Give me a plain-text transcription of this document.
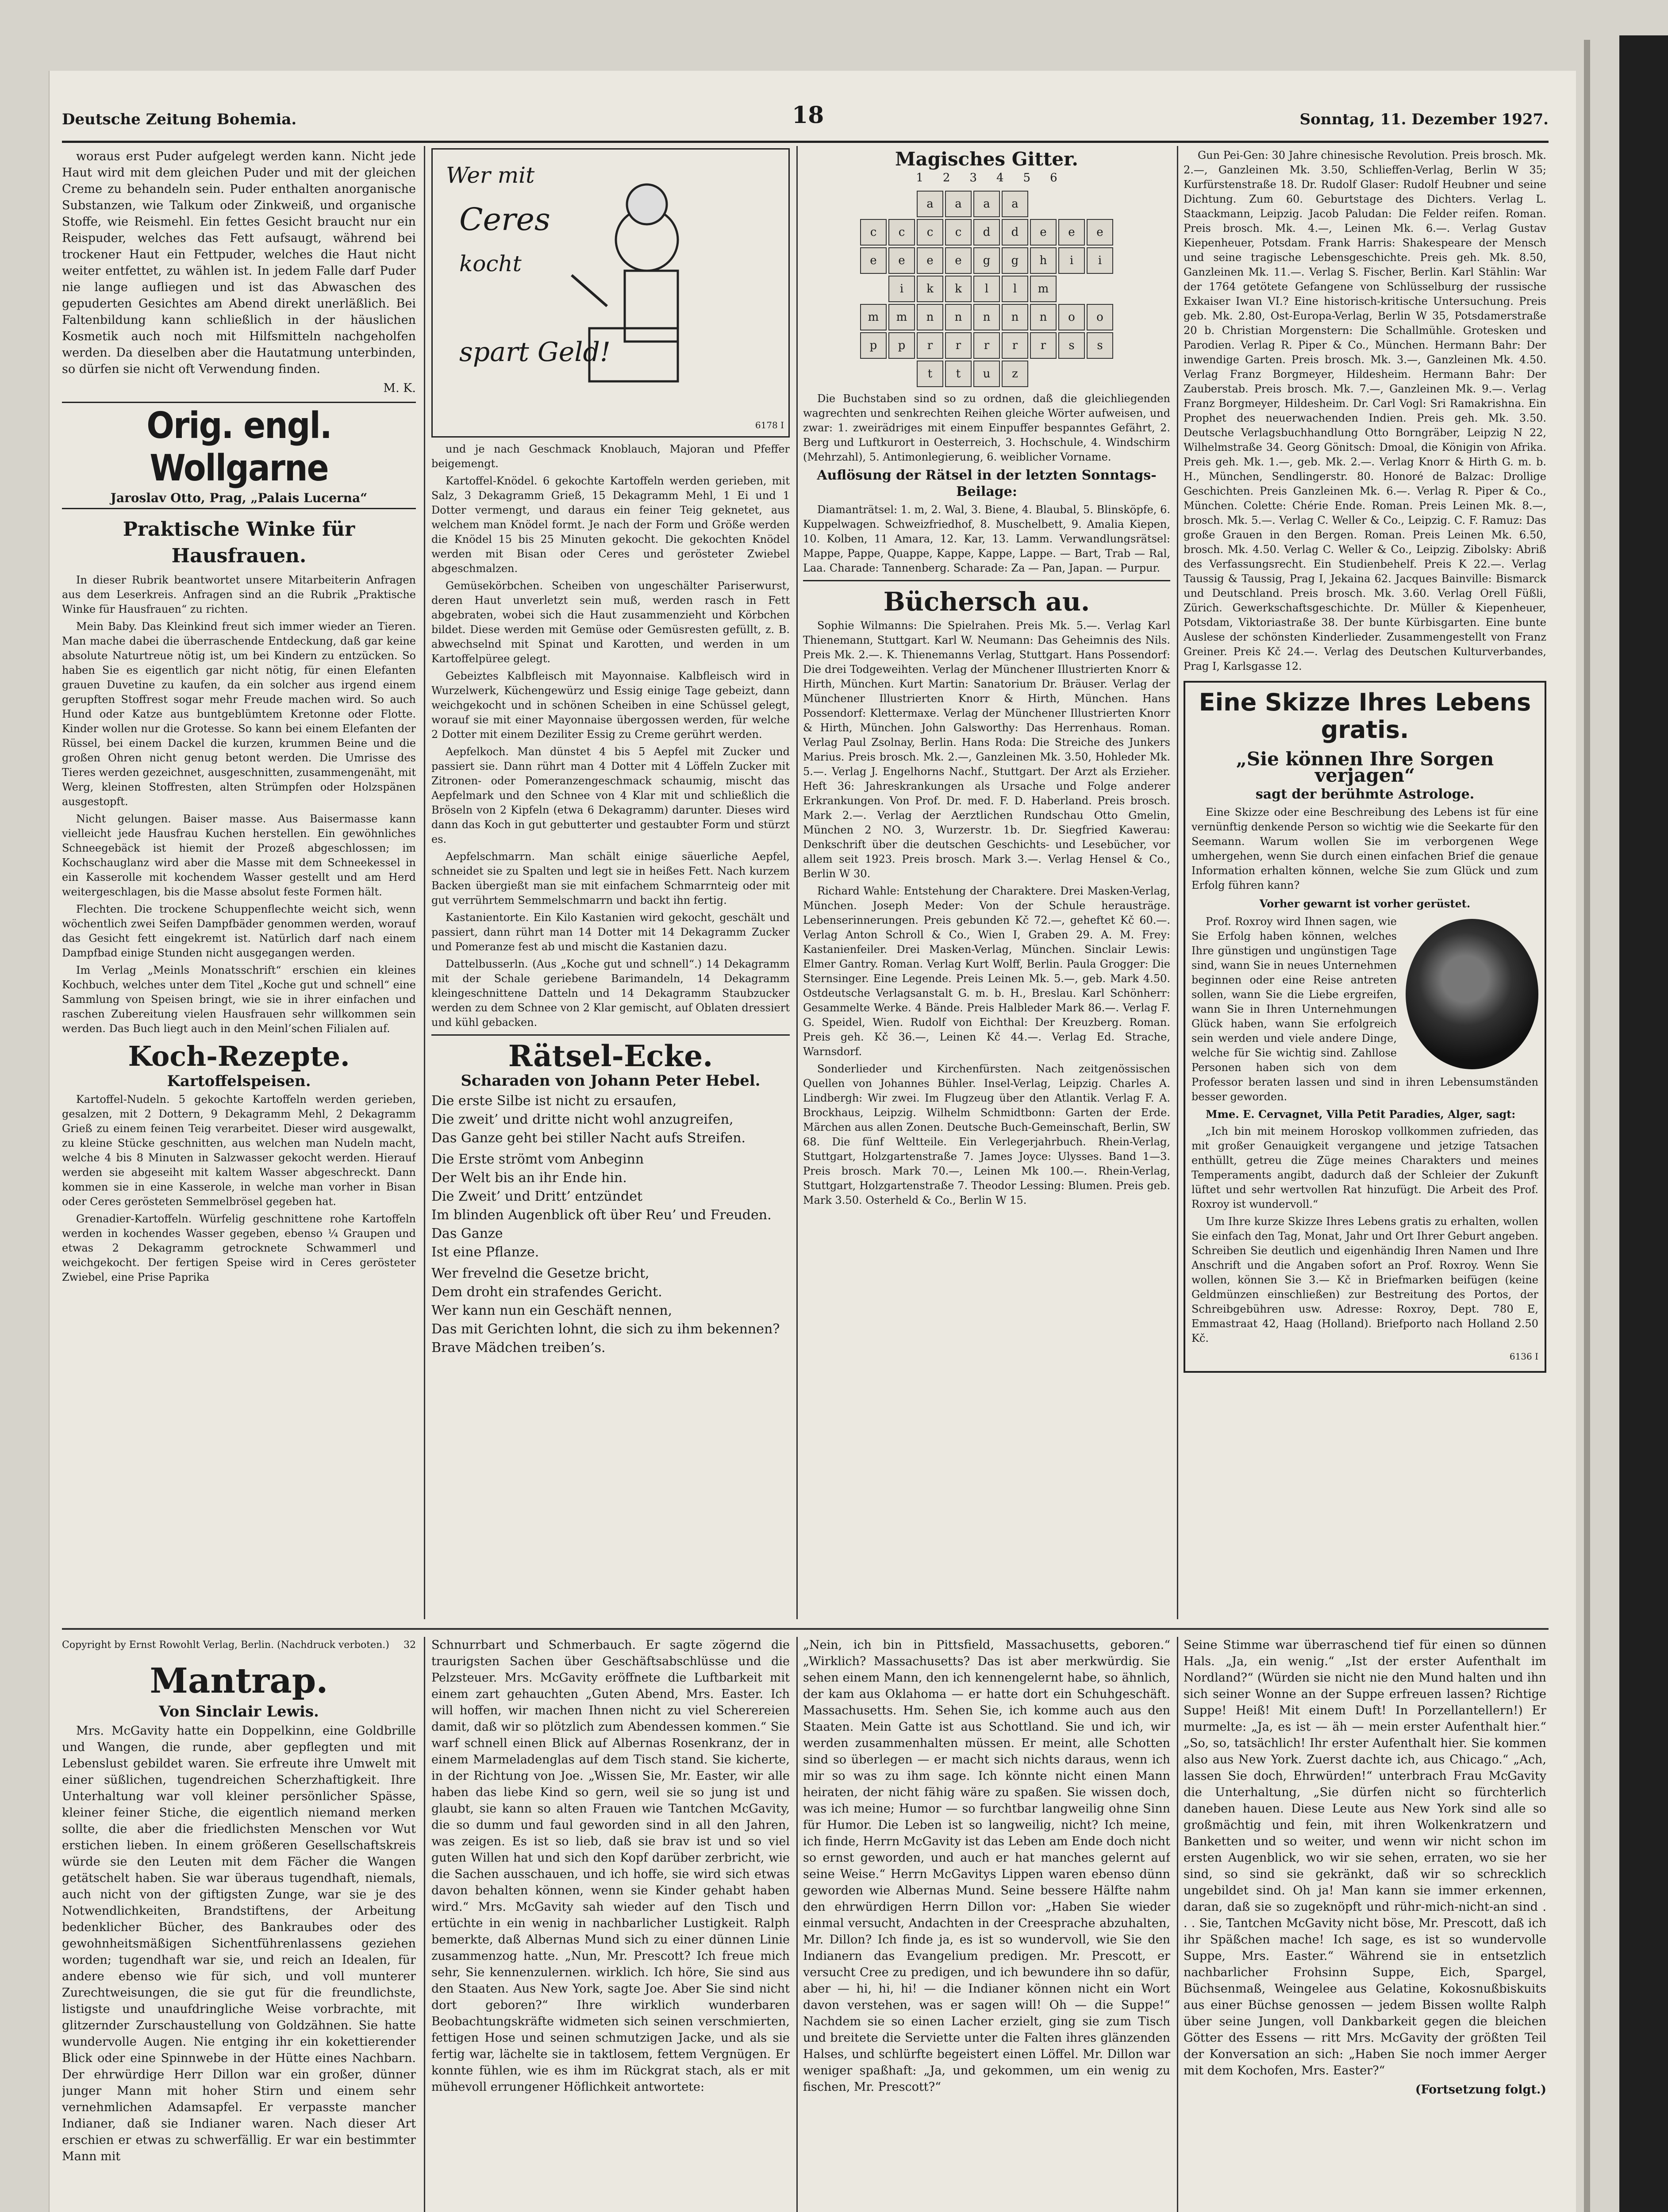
Deutsche Zeitung Bohemia.	18	Sonntag, 11. Dezember 1927.

woraus erst Puder aufgelegt werden kann. Nicht jede Haut wird mit dem gleichen Puder und mit der gleichen Creme zu behandeln sein. Puder enthalten anorganische Substanzen, wie Talkum oder Zinkweiß, und organische Stoffe, wie Reismehl. Ein fettes Gesicht braucht nur ein Reispuder, welches das Fett aufsaugt, während bei trockener Haut ein Fettpuder, welches die Haut nicht weiter entfettet, zu wählen ist. In jedem Falle darf Puder nie lange aufliegen und ist das Abwaschen des gepuderten Gesichtes am Abend direkt unerläßlich. Bei Faltenbildung kann schließlich in der häuslichen Kosmetik auch noch mit Hilfsmitteln nachgeholfen werden. Da dieselben aber die Hautatmung unterbinden, so dürfen sie nicht oft Verwendung finden.

M. K.
Orig. engl. Wollgarne
Jaroslav Otto, Prag, „Palais Lucerna“
Praktische Winke für Hausfrauen.

In dieser Rubrik beantwortet unsere Mitarbeiterin Anfragen aus dem Leserkreis. Anfragen sind an die Rubrik „Praktische Winke für Hausfrauen“ zu richten.

Mein Baby. Das Kleinkind freut sich immer wieder an Tieren. Man mache dabei die überraschende Entdeckung, daß gar keine absolute Naturtreue nötig ist, um bei Kindern zu entzücken. So haben Sie es eigentlich gar nicht nötig, für einen Elefanten grauen Duvetine zu kaufen, da ein solcher aus irgend einem gerupften Stoffrest sogar mehr Freude machen wird. So auch Hund oder Katze aus buntgeblümtem Kretonne oder Flotte. Kinder wollen nur die Grotesse. So kann bei einem Elefanten der Rüssel, bei einem Dackel die kurzen, krummen Beine und die großen Ohren nicht genug betont werden. Die Umrisse des Tieres werden gezeichnet, ausgeschnitten, zusammengenäht, mit Werg, kleinen Stoffresten, alten Strümpfen oder Holzspänen ausgestopft.

Nicht gelungen. Baiser masse. Aus Baisermasse kann vielleicht jede Hausfrau Kuchen herstellen. Ein gewöhnliches Schneegebäck ist hiemit der Prozeß abgeschlossen; im Kochschauglanz wird aber die Masse mit dem Schneekessel in ein Kasserolle mit kochendem Wasser gestellt und am Herd weitergeschlagen, bis die Masse absolut feste Formen hält.

Flechten. Die trockene Schuppenflechte weicht sich, wenn wöchentlich zwei Seifen Dampfbäder genommen werden, worauf das Gesicht fett eingekremt ist. Natürlich darf nach einem Dampfbad einige Stunden nicht ausgegangen werden.

Im Verlag „Meinls Monatsschrift“ erschien ein kleines Kochbuch, welches unter dem Titel „Koche gut und schnell“ eine Sammlung von Speisen bringt, wie sie in ihrer einfachen und raschen Zubereitung vielen Hausfrauen sehr willkommen sein werden. Das Buch liegt auch in den Meinl’schen Filialen auf.

Koch-Rezepte.
Kartoffelspeisen.

Kartoffel-Nudeln. 5 gekochte Kartoffeln werden gerieben, gesalzen, mit 2 Dottern, 9 Dekagramm Mehl, 2 Dekagramm Grieß zu einem feinen Teig verarbeitet. Dieser wird ausgewalkt, zu kleine Stücke geschnitten, aus welchen man Nudeln macht, welche 4 bis 8 Minuten in Salzwasser gekocht werden. Hierauf werden sie abgeseiht mit kaltem Wasser abgeschreckt. Dann kommen sie in eine Kasserole, in welche man vorher in Bisan oder Ceres gerösteten Semmelbrösel gegeben hat.

Grenadier-Kartoffeln. Würfelig geschnittene rohe Kartoffeln werden in kochendes Wasser gegeben, ebenso ¼ Graupen und etwas 2 Dekagramm getrocknete Schwammerl und weichgekocht. Der fertigen Speise wird in Ceres gerösteter Zwiebel, eine Prise Paprika

Wer mit
Ceres
kocht
spart Geld!
6178 I

und je nach Geschmack Knoblauch, Majoran und Pfeffer beigemengt.

Kartoffel-Knödel. 6 gekochte Kartoffeln werden gerieben, mit Salz, 3 Dekagramm Grieß, 15 Dekagramm Mehl, 1 Ei und 1 Dotter vermengt, und daraus ein feiner Teig geknetet, aus welchem man Knödel formt. Je nach der Form und Größe werden die Knödel 15 bis 25 Minuten gekocht. Die gekochten Knödel werden mit Bisan oder Ceres und gerösteter Zwiebel abgeschmalzen.

Gemüsekörbchen. Scheiben von ungeschälter Pariserwurst, deren Haut unverletzt sein muß, werden rasch in Fett abgebraten, wobei sich die Haut zusammenzieht und Körbchen bildet. Diese werden mit Gemüse oder Gemüsresten gefüllt, z. B. abwechselnd mit Spinat und Karotten, und werden in um Kartoffelpüree gelegt.

Gebeiztes Kalbfleisch mit Mayonnaise. Kalbfleisch wird in Wurzelwerk, Küchengewürz und Essig einige Tage gebeizt, dann weichgekocht und in schönen Scheiben in eine Schüssel gelegt, worauf sie mit einer Mayonnaise übergossen werden, für welche 2 Dotter mit einem Deziliter Essig zu Creme gerührt werden.

Aepfelkoch. Man dünstet 4 bis 5 Aepfel mit Zucker und passiert sie. Dann rührt man 4 Dotter mit 4 Löffeln Zucker mit Zitronen- oder Pomeranzengeschmack schaumig, mischt das Aepfelmark und den Schnee von 4 Klar mit und schließlich die Bröseln von 2 Kipfeln (etwa 6 Dekagramm) darunter. Dieses wird dann das Koch in gut gebutterter und gestaubter Form und stürzt es.

Aepfelschmarrn. Man schält einige säuerliche Aepfel, schneidet sie zu Spalten und legt sie in heißes Fett. Nach kurzem Backen übergießt man sie mit einfachem Schmarrnteig oder mit gut verrührtem Semmelschmarrn und backt ihn fertig.

Kastanientorte. Ein Kilo Kastanien wird gekocht, geschält und passiert, dann rührt man 14 Dotter mit 14 Dekagramm Zucker und Pomeranze fest ab und mischt die Kastanien dazu.

Dattelbusserln. (Aus „Koche gut und schnell“.) 14 Dekagramm mit der Schale geriebene Barimandeln, 14 Dekagramm kleingeschnittene Datteln und 14 Dekagramm Staubzucker werden zu dem Schnee von 2 Klar gemischt, auf Oblaten dressiert und kühl gebacken.

Rätsel-Ecke.
Scharaden von Johann Peter Hebel.

Die erste Silbe ist nicht zu ersaufen,
Die zweit’ und dritte nicht wohl anzugreifen,
Das Ganze geht bei stiller Nacht aufs Streifen.

Die Erste strömt vom Anbeginn
Der Welt bis an ihr Ende hin.
Die Zweit’ und Dritt’ entzündet
Im blinden Augenblick oft über Reu’ und Freuden.
Das Ganze
Ist eine Pflanze.

Wer frevelnd die Gesetze bricht,
Dem droht ein strafendes Gericht.
Wer kann nun ein Geschäft nennen,
Das mit Gerichten lohnt, die sich zu ihm bekennen?
Brave Mädchen treiben’s.

Magisches Gitter.
1 2 3 4 5 6
a	a	a	a
c	c	c	c	d	d	e	e	e
e	e	e	e	g	g	h	i	i
i	k	k	l	l	m
m	m	n	n	n	n	n	o	o
p	p	r	r	r	r	r	s	s
t	t	u	z

Die Buchstaben sind so zu ordnen, daß die gleichliegenden wagrechten und senkrechten Reihen gleiche Wörter aufweisen, und zwar: 1. zweirädriges mit einem Einpuffer bespanntes Gefährt, 2. Berg und Luftkurort in Oesterreich, 3. Hochschule, 4. Windschirm (Mehrzahl), 5. Antimonlegierung, 6. weiblicher Vorname.

Auflösung der Rätsel in der letzten Sonntags-Beilage:

Diamanträtsel: 1. m, 2. Wal, 3. Biene, 4. Blaubal, 5. Blinsköpfe, 6. Kuppelwagen. Schweizfriedhof, 8. Muschelbett, 9. Amalia Kiepen, 10. Kolben, 11 Amara, 12. Kar, 13. Lamm. Verwandlungsrätsel: Mappe, Pappe, Quappe, Kappe, Kappe, Lappe. — Bart, Trab — Ral, Laa. Charade: Tannenberg. Scharade: Za — Pan, Japan. — Purpur.

Büchersch au.

Sophie Wilmanns: Die Spielrahen. Preis Mk. 5.—. Verlag Karl Thienemann, Stuttgart. Karl W. Neumann: Das Geheimnis des Nils. Preis Mk. 2.—. K. Thienemanns Verlag, Stuttgart. Hans Possendorf: Die drei Todgeweihten. Verlag der Münchener Illustrierten Knorr & Hirth, München. Kurt Martin: Sanatorium Dr. Bräuser. Verlag der Münchener Illustrierten Knorr & Hirth, München. Hans Possendorf: Klettermaxe. Verlag der Münchener Illustrierten Knorr & Hirth, München. John Galsworthy: Das Herrenhaus. Roman. Verlag Paul Zsolnay, Berlin. Hans Roda: Die Streiche des Junkers Marius. Preis brosch. Mk. 2.—, Ganzleinen Mk. 3.50, Hohleder Mk. 5.—. Verlag J. Engelhorns Nachf., Stuttgart. Der Arzt als Erzieher. Heft 36: Jahreskrankungen als Ursache und Folge anderer Erkrankungen. Von Prof. Dr. med. F. D. Haberland. Preis brosch. Mark 2.—. Verlag der Aerztlichen Rundschau Otto Gmelin, München 2 NO. 3, Wurzerstr. 1b. Dr. Siegfried Kawerau: Denkschrift über die deutschen Geschichts- und Lesebücher, vor allem seit 1923. Preis brosch. Mark 3.—. Verlag Hensel & Co., Berlin W 30.

Richard Wahle: Entstehung der Charaktere. Drei Masken-Verlag, München. Joseph Meder: Von der Schule herausträge. Lebenserinnerungen. Preis gebunden Kč 72.—, geheftet Kč 60.—. Verlag Anton Schroll & Co., Wien I, Graben 29. A. M. Frey: Kastanienfeiler. Drei Masken-Verlag, München. Sinclair Lewis: Elmer Gantry. Roman. Verlag Kurt Wolff, Berlin. Paula Grogger: Die Sternsinger. Eine Legende. Preis Leinen Mk. 5.—, geb. Mark 4.50. Ostdeutsche Verlagsanstalt G. m. b. H., Breslau. Karl Schönherr: Gesammelte Werke. 4 Bände. Preis Halbleder Mark 86.—. Verlag F. G. Speidel, Wien. Rudolf von Eichthal: Der Kreuzberg. Roman. Preis geh. Kč 36.—, Leinen Kč 44.—. Verlag Ed. Strache, Warnsdorf.

Sonderlieder und Kirchenfürsten. Nach zeitgenössischen Quellen von Johannes Bühler. Insel-Verlag, Leipzig. Charles A. Lindbergh: Wir zwei. Im Flugzeug über den Atlantik. Verlag F. A. Brockhaus, Leipzig. Wilhelm Schmidtbonn: Garten der Erde. Märchen aus allen Zonen. Deutsche Buch-Gemeinschaft, Berlin, SW 68. Die fünf Weltteile. Ein Verlegerjahrbuch. Rhein-Verlag, Stuttgart, Holzgartenstraße 7. James Joyce: Ulysses. Band 1—3. Preis brosch. Mark 70.—, Leinen Mk 100.—. Rhein-Verlag, Stuttgart, Holzgartenstraße 7. Theodor Lessing: Blumen. Preis geb. Mark 3.50. Osterheld & Co., Berlin W 15.

Gun Pei-Gen: 30 Jahre chinesische Revolution. Preis brosch. Mk. 2.—, Ganzleinen Mk. 3.50, Schlieffen-Verlag, Berlin W 35; Kurfürstenstraße 18. Dr. Rudolf Glaser: Rudolf Heubner und seine Dichtung. Zum 60. Geburtstage des Dichters. Verlag L. Staackmann, Leipzig. Jacob Paludan: Die Felder reifen. Roman. Preis brosch. Mk. 4.—, Leinen Mk. 6.—. Verlag Gustav Kiepenheuer, Potsdam. Frank Harris: Shakespeare der Mensch und seine tragische Lebensgeschichte. Preis geh. Mk. 8.50, Ganzleinen Mk. 11.—. Verlag S. Fischer, Berlin. Karl Stählin: War der 1764 getötete Gefangene von Schlüsselburg der russische Exkaiser Iwan VI.? Eine historisch-kritische Untersuchung. Preis geb. Mk. 2.80, Ost-Europa-Verlag, Berlin W 35, Potsdamerstraße 20 b. Christian Morgenstern: Die Schallmühle. Grotesken und Parodien. Verlag R. Piper & Co., München. Hermann Bahr: Der inwendige Garten. Preis brosch. Mk. 3.—, Ganzleinen Mk. 4.50. Verlag Franz Borgmeyer, Hildesheim. Hermann Bahr: Der Zauberstab. Preis brosch. Mk. 7.—, Ganzleinen Mk. 9.—. Verlag Franz Borgmeyer, Hildesheim. Dr. Carl Vogl: Sri Ramakrishna. Ein Prophet des neuerwachenden Indien. Preis geh. Mk. 3.50. Deutsche Verlagsbuchhandlung Otto Borngräber, Leipzig N 22, Wilhelmstraße 34. Georg Gönitsch: Dmoal, die Königin von Afrika. Preis geh. Mk. 1.—, geb. Mk. 2.—. Verlag Knorr & Hirth G. m. b. H., München, Sendlingerstr. 80. Honoré de Balzac: Drollige Geschichten. Preis Ganzleinen Mk. 6.—. Verlag R. Piper & Co., München. Colette: Chérie Ende. Roman. Preis Leinen Mk. 8.—, brosch. Mk. 5.—. Verlag C. Weller & Co., Leipzig. C. F. Ramuz: Das große Grauen in den Bergen. Roman. Preis Leinen Mk. 6.50, brosch. Mk. 4.50. Verlag C. Weller & Co., Leipzig. Zibolsky: Abriß des Verfassungsrecht. Ein Studienbehelf. Preis K 22.—. Verlag Taussig & Taussig, Prag I, Jekaina 62. Jacques Bainville: Bismarck und Deutschland. Preis brosch. Mk. 3.60. Verlag Orell Füßli, Zürich. Gewerkschaftsgeschichte. Dr. Müller & Kiepenheuer, Potsdam, Viktoriastraße 38. Der bunte Kürbisgarten. Eine bunte Auslese der schönsten Kinderlieder. Zusammengestellt von Franz Greiner. Preis Kč 24.—. Verlag des Deutschen Kulturverbandes, Prag I, Karlsgasse 12.

Eine Skizze Ihres Lebens gratis.
„Sie können Ihre Sorgen verjagen“
sagt der berühmte Astrologe.

Eine Skizze oder eine Beschreibung des Lebens ist für eine vernünftig denkende Person so wichtig wie die Seekarte für den Seemann. Warum wollen Sie im verborgenen Wege umhergehen, wenn Sie durch einen einfachen Brief die genaue Information erhalten können, welche Sie zum Glück und zum Erfolg führen kann?

Vorher gewarnt ist vorher gerüstet.

Prof. Roxroy wird Ihnen sagen, wie Sie Erfolg haben können, welches Ihre günstigen und ungünstigen Tage sind, wann Sie in neues Unternehmen beginnen oder eine Reise antreten sollen, wann Sie die Liebe ergreifen, wann Sie in Ihren Unternehmungen Glück haben, wann Sie erfolgreich sein werden und viele andere Dinge, welche für Sie wichtig sind. Zahllose Personen haben sich von dem Professor beraten lassen und sind in ihren Lebensumständen besser geworden.

Mme. E. Cervagnet, Villa Petit Paradies, Alger, sagt:

„Ich bin mit meinem Horoskop vollkommen zufrieden, das mit großer Genauigkeit vergangene und jetzige Tatsachen enthüllt, getreu die Züge meines Charakters und meines Temperaments angibt, dadurch daß der Schleier der Zukunft lüftet und sehr wertvollen Rat hinzufügt. Die Arbeit des Prof. Roxroy ist wundervoll.“

Um Ihre kurze Skizze Ihres Lebens gratis zu erhalten, wollen Sie einfach den Tag, Monat, Jahr und Ort Ihrer Geburt angeben. Schreiben Sie deutlich und eigenhändig Ihren Namen und Ihre Anschrift und die Angaben sofort an Prof. Roxroy. Wenn Sie wollen, können Sie 3.— Kč in Briefmarken beifügen (keine Geldmünzen einschließen) zur Bestreitung des Portos, der Schreibgebühren usw. Adresse: Roxroy, Dept. 780 E, Emmastraat 42, Haag (Holland). Briefporto nach Holland 2.50 Kč.

6136 I
Copyright by Ernst Rowohlt Verlag, Berlin. (Nachdruck verboten.) 32
Mantrap.
Von Sinclair Lewis.

Mrs. McGavity hatte ein Doppelkinn, eine Goldbrille und Wangen, die runde, aber gepflegten und mit Lebenslust gebildet waren. Sie erfreute ihre Umwelt mit einer süßlichen, tugendreichen Scherzhaftigkeit. Ihre Unterhaltung war voll kleiner persönlicher Spässe, kleiner feiner Stiche, die eigentlich niemand merken sollte, die aber die friedlichsten Menschen vor Wut erstichen lieben. In einem größeren Gesellschaftskreis würde sie den Leuten mit dem Fächer die Wangen getätschelt haben. Sie war überaus tugendhaft, niemals, auch nicht von der giftigsten Zunge, war sie je des Notwendlichkeiten, Brandstiftens, der Arbeitung bedenklicher Bücher, des Bankraubes oder des gewohnheitsmäßigen Sichentführenlassens geziehen worden; tugendhaft war sie, und reich an Idealen, für andere ebenso wie für sich, und voll munterer Zurechtweisungen, die sie gut für die freundlichste, listigste und unaufdringliche Weise vorbrachte, mit glitzernder Zurschaustellung von Goldzähnen. Sie hatte wundervolle Augen. Nie entging ihr ein kokettierender Blick oder eine Spinnwebe in der Hütte eines Nachbarn. Der ehrwürdige Herr Dillon war ein großer, dünner junger Mann mit hoher Stirn und einem sehr vernehmlichen Adamsapfel. Er verpasste mancher Indianer, daß sie Indianer waren. Nach dieser Art erschien er etwas zu schwerfällig. Er war ein bestimmter Mann mit

Schnurrbart und Schmerbauch. Er sagte zögernd die traurigsten Sachen über Geschäftsabschlüsse und die Pelzsteuer. Mrs. McGavity eröffnete die Luftbarkeit mit einem zart gehauchten „Guten Abend, Mrs. Easter. Ich will hoffen, wir machen Ihnen nicht zu viel Scherereien damit, daß wir so plötzlich zum Abendessen kommen.“ Sie warf schnell einen Blick auf Albernas Rosenkranz, der in einem Marmeladenglas auf dem Tisch stand. Sie kicherte, in der Richtung von Joe. „Wissen Sie, Mr. Easter, wir alle haben das liebe Kind so gern, weil sie so jung ist und glaubt, sie kann so alten Frauen wie Tantchen McGavity, die so dumm und faul geworden sind in all den Jahren, was zeigen. Es ist so lieb, daß sie brav ist und so viel guten Willen hat und sich den Kopf darüber zerbricht, wie die Sachen ausschauen, und ich hoffe, sie wird sich etwas davon behalten können, wenn sie Kinder gehabt haben wird.“ Mrs. McGavity sah wieder auf den Tisch und ertüchte in ein wenig in nachbarlicher Lustigkeit. Ralph bemerkte, daß Albernas Mund sich zu einer dünnen Linie zusammenzog hatte. „Nun, Mr. Prescott? Ich freue mich sehr, Sie kennenzulernen. wirklich. Ich höre, Sie sind aus den Staaten. Aus New York, sagte Joe. Aber Sie sind nicht dort geboren?“ Ihre wirklich wunderbaren Beobachtungskräfte widmeten sich seinen verschmierten, fettigen Hose und seinen schmutzigen Jacke, und als sie fertig war, lächelte sie in taktlosem, fettem Vergnügen. Er konnte fühlen, wie es ihm im Rückgrat stach, als er mit mühevoll errungener Höflichkeit antwortete:

„Nein, ich bin in Pittsfield, Massachusetts, geboren.“ „Wirklich? Massachusetts? Das ist aber merkwürdig. Sie sehen einem Mann, den ich kennengelernt habe, so ähnlich, der kam aus Oklahoma — er hatte dort ein Schuhgeschäft. Massachusetts. Hm. Sehen Sie, ich komme auch aus den Staaten. Mein Gatte ist aus Schottland. Sie und ich, wir werden zusammenhalten müssen. Er meint, alle Schotten sind so überlegen — er macht sich nichts daraus, wenn ich mir so was zu ihm sage. Ich könnte nicht einen Mann heiraten, der nicht fähig wäre zu spaßen. Sie wissen doch, was ich meine; Humor — so furchtbar langweilig ohne Sinn für Humor. Die Leben ist so langweilig, nicht? Ich meine, ich finde, Herrn McGavity ist das Leben am Ende doch nicht so ernst geworden, und auch er hat manches gelernt auf seine Weise.“ Herrn McGavitys Lippen waren ebenso dünn geworden wie Albernas Mund. Seine bessere Hälfte nahm den ehrwürdigen Herrn Dillon vor: „Haben Sie wieder einmal versucht, Andachten in der Creesprache abzuhalten, Mr. Dillon? Ich finde ja, es ist so wundervoll, wie Sie den Indianern das Evangelium predigen. Mr. Prescott, er versucht Cree zu predigen, und ich bewundere ihn so dafür, aber — hi, hi, hi! — die Indianer können nicht ein Wort davon verstehen, was er sagen will! Oh — die Suppe!“ Nachdem sie so einen Lacher erzielt, ging sie zum Tisch und breitete die Serviette unter die Falten ihres glänzenden Halses, und schlürfte begeistert einen Löffel. Mr. Dillon war weniger spaßhaft: „Ja, und gekommen, um ein wenig zu fischen, Mr. Prescott?“

Seine Stimme war überraschend tief für einen so dünnen Hals. „Ja, ein wenig.“ „Ist der erster Aufenthalt im Nordland?“ (Würden sie nicht nie den Mund halten und ihn sich seiner Wonne an der Suppe erfreuen lassen? Richtige Suppe! Heiß! Mit einem Duft! In Porzellantellern!) Er murmelte: „Ja, es ist — äh — mein erster Aufenthalt hier.“ „So, so, tatsächlich! Ihr erster Aufenthalt hier. Sie kommen also aus New York. Zuerst dachte ich, aus Chicago.“ „Ach, lassen Sie doch, Ehrwürden!“ unterbrach Frau McGavity die Unterhaltung, „Sie dürfen nicht so fürchterlich daneben hauen. Diese Leute aus New York sind alle so großmächtig und fein, mit ihren Wolkenkratzern und Banketten und so weiter, und wenn wir nicht schon im ersten Augenblick, wo wir sie sehen, erraten, wo sie her sind, so sind sie gekränkt, daß wir so schrecklich ungebildet sind. Oh ja! Man kann sie immer erkennen, daran, daß sie so zugeknöpft und rühr-mich-nicht-an sind . . . Sie, Tantchen McGavity nicht böse, Mr. Prescott, daß ich ihr Späßchen mache! Ich sage, es ist so wundervolle Suppe, Mrs. Easter.“ Während sie in entsetzlich nachbarlicher Frohsinn Suppe, Eich, Spargel, Büchsenmaß, Weingelee aus Gelatine, Kokosnußbiskuits aus einer Büchse genossen — jedem Bissen wollte Ralph über seine Jungen, voll Dankbarkeit gegen die bleichen Götter des Essens — ritt Mrs. McGavity der größten Teil der Konversation an sich: „Haben Sie noch immer Aerger mit dem Kochofen, Mrs. Easter?“

(Fortsetzung folgt.)
